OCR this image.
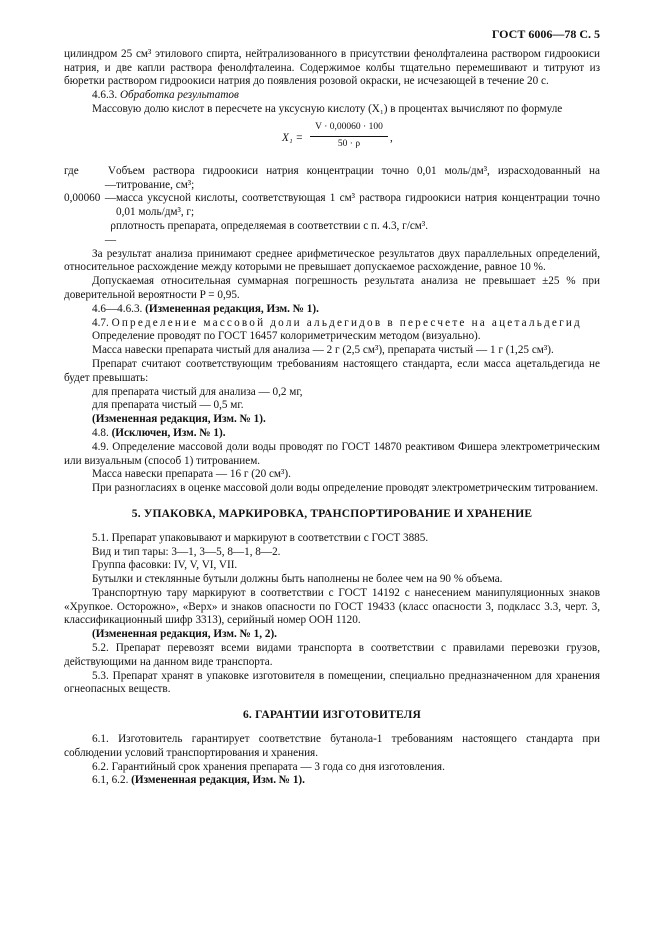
ГОСТ 6006—78 С. 5

цилиндром 25 см³ этилового спирта, нейтрализованного в присутствии фенолфталеина раствором гидроокиси натрия, и две капли раствора фенолфталеина. Содержимое колбы тщательно перемешивают и титруют из бюретки раствором гидроокиси натрия до появления розовой окраски, не исчезающей в течение 20 с.

4.6.3. Обработка результатов

Массовую долю кислот в пересчете на уксусную кислоту (X₁) в процентах вычисляют по формуле

$X_1 = \frac{V \cdot 0,00060 \cdot 100}{50 \cdot \rho}$ ,
где	V —
объем раствора гидроокиси натрия концентрации точно 0,01 моль/дм³, израсходованный на титрование, см³;
0,00060 — масса уксусной кислоты, соответствующая 1 см³ раствора гидроокиси натрия концентрации точно 0,01 моль/дм³, г;
ρ —
плотность препарата, определяемая в соответствии с п. 4.3, г/см³.

За результат анализа принимают среднее арифметическое результатов двух параллельных определений, относительное расхождение между которыми не превышает допускаемое расхождение, равное 10 %.

Допускаемая относительная суммарная погрешность результата анализа не превышает ±25 % при доверительной вероятности P = 0,95.

4.6—4.6.3. (Измененная редакция, Изм. № 1).

4.7. Определение массовой доли альдегидов в пересчете на ацетальдегид

Определение проводят по ГОСТ 16457 колориметрическим методом (визуально).

Масса навески препарата чистый для анализа — 2 г (2,5 см³), препарата чистый — 1 г (1,25 см³).

Препарат считают соответствующим требованиям настоящего стандарта, если масса ацетальдегида не будет превышать:

для препарата чистый для анализа — 0,2 мг,

для препарата чистый — 0,5 мг.

(Измененная редакция, Изм. № 1).

4.8. (Исключен, Изм. № 1).

4.9. Определение массовой доли воды проводят по ГОСТ 14870 реактивом Фишера электрометрическим или визуальным (способ 1) титрованием.

Масса навески препарата — 16 г (20 см³).

При разногласиях в оценке массовой доли воды определение проводят электрометрическим титрованием.

5. УПАКОВКА, МАРКИРОВКА, ТРАНСПОРТИРОВАНИЕ И ХРАНЕНИЕ

5.1. Препарат упаковывают и маркируют в соответствии с ГОСТ 3885.

Вид и тип тары: 3—1, 3—5, 8—1, 8—2.

Группа фасовки: IV, V, VI, VII.

Бутылки и стеклянные бутыли должны быть наполнены не более чем на 90 % объема.

Транспортную тару маркируют в соответствии с ГОСТ 14192 с нанесением манипуляционных знаков «Хрупкое. Осторожно», «Верх» и знаков опасности по ГОСТ 19433 (класс опасности 3, подкласс 3.3, черт. 3, классификационный шифр 3313), серийный номер ООН 1120.

(Измененная редакция, Изм. № 1, 2).

5.2. Препарат перевозят всеми видами транспорта в соответствии с правилами перевозки грузов, действующими на данном виде транспорта.

5.3. Препарат хранят в упаковке изготовителя в помещении, специально предназначенном для хранения огнеопасных веществ.

6. ГАРАНТИИ ИЗГОТОВИТЕЛЯ

6.1. Изготовитель гарантирует соответствие бутанола-1 требованиям настоящего стандарта при соблюдении условий транспортирования и хранения.

6.2. Гарантийный срок хранения препарата — 3 года со дня изготовления.

6.1, 6.2. (Измененная редакция, Изм. № 1).
